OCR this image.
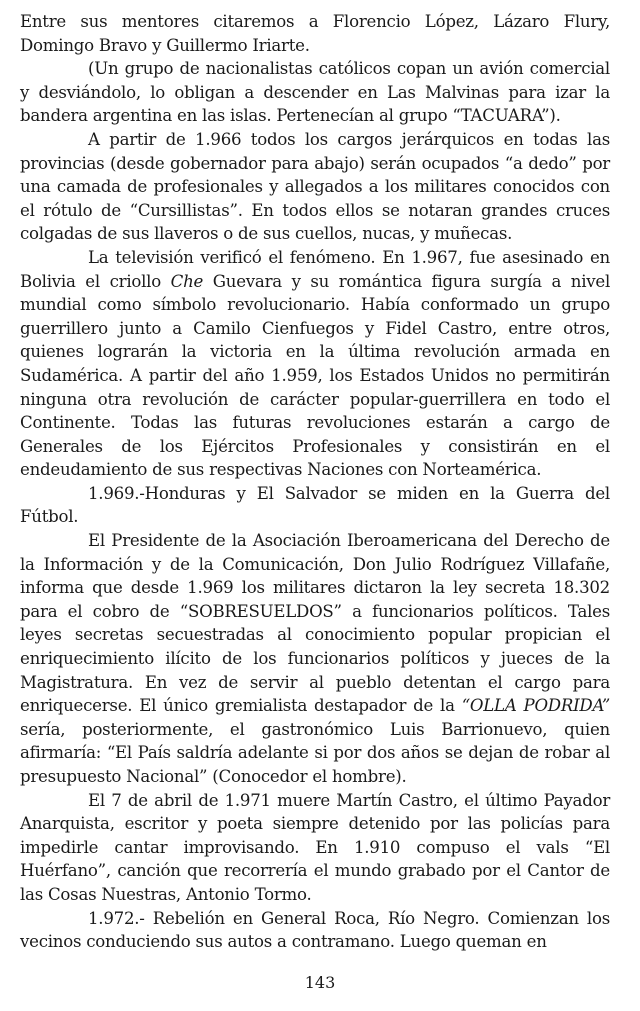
Entre sus mentores citaremos a Florencio López, Lázaro Flury, Domingo Bravo y Guillermo Iriarte.

(Un grupo de nacionalistas católicos copan un avión comercial y desviándolo, lo obligan a descender en Las Malvinas para izar la bandera argentina en las islas. Pertenecían al grupo “TACUARA”).

A partir de 1.966 todos los cargos jerárquicos en todas las provincias (desde gobernador para abajo) serán ocupados “a dedo” por una camada de profesionales y allegados a los militares conocidos con el rótulo de “Cursillistas”. En todos ellos se notaran grandes cruces colgadas de sus llaveros o de sus cuellos, nucas, y muñecas.

La televisión verificó el fenómeno. En 1.967, fue asesinado en Bolivia el criollo Che Guevara y su romántica figura surgía a nivel mundial como símbolo revolucionario. Había conformado un grupo guerrillero junto a Camilo Cienfuegos y Fidel Castro, entre otros, quienes lograrán la victoria en la última revolución armada en Sudamérica. A partir del año 1.959, los Estados Unidos no permitirán ninguna otra revolución de carácter popular-guerrillera en todo el Continente. Todas las futuras revoluciones estarán a cargo de Generales de los Ejércitos Profesionales y consistirán en el endeudamiento de sus respectivas Naciones con Norteamérica.

1.969.-Honduras y El Salvador se miden en la Guerra del Fútbol.

El Presidente de la Asociación Iberoamericana del Derecho de la Información y de la Comunicación, Don Julio Rodríguez Villafañe, informa que desde 1.969 los militares dictaron la ley secreta 18.302 para el cobro de “SOBRESUELDOS” a funcionarios políticos. Tales leyes secretas secuestradas al conocimiento popular propician el enriquecimiento ilícito de los funcionarios políticos y jueces de la Magistratura. En vez de servir al pueblo detentan el cargo para enriquecerse. El único gremialista destapador de la “OLLA PODRIDA” sería, posteriormente, el gastronómico Luis Barrionuevo, quien afirmaría: “El País saldría adelante si por dos años se dejan de robar al presupuesto Nacional” (Conocedor el hombre).

El 7 de abril de 1.971 muere Martín Castro, el último Payador Anarquista, escritor y poeta siempre detenido por las policías para impedirle cantar improvisando. En 1.910 compuso el vals “El Huérfano”, canción que recorrería el mundo grabado por el Cantor de las Cosas Nuestras, Antonio Tormo.

1.972.- Rebelión en General Roca, Río Negro. Comienzan los vecinos conduciendo sus autos a contramano. Luego queman en

143
